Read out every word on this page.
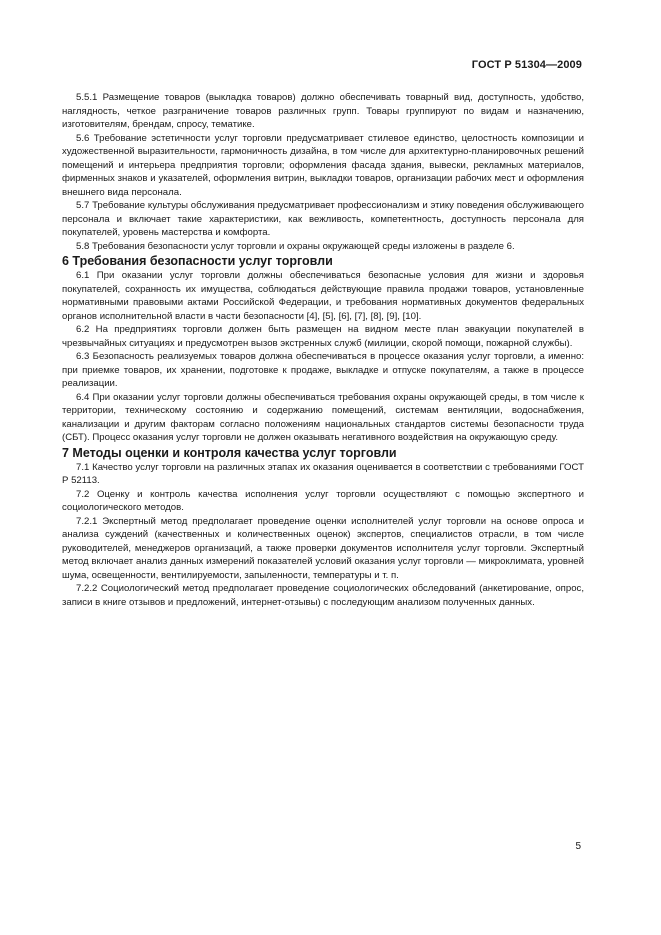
ГОСТ Р 51304—2009

5.5.1 Размещение товаров (выкладка товаров) должно обеспечивать товарный вид, доступность, удобство, наглядность, четкое разграничение товаров различных групп. Товары группируют по видам и назначению, изготовителям, брендам, спросу, тематике.

5.6 Требование эстетичности услуг торговли предусматривает стилевое единство, целостность композиции и художественной выразительности, гармоничность дизайна, в том числе для архитектурно-планировочных решений помещений и интерьера предприятия торговли; оформления фасада здания, вывески, рекламных материалов, фирменных знаков и указателей, оформления витрин, выкладки товаров, организации рабочих мест и оформления внешнего вида персонала.

5.7 Требование культуры обслуживания предусматривает профессионализм и этику поведения обслуживающего персонала и включает такие характеристики, как вежливость, компетентность, доступность персонала для покупателей, уровень мастерства и комфорта.

5.8 Требования безопасности услуг торговли и охраны окружающей среды изложены в разделе 6.

6 Требования безопасности услуг торговли

6.1 При оказании услуг торговли должны обеспечиваться безопасные условия для жизни и здоровья покупателей, сохранность их имущества, соблюдаться действующие правила продажи товаров, установленные нормативными правовыми актами Российской Федерации, и требования нормативных документов федеральных органов исполнительной власти в части безопасности [4], [5], [6], [7], [8], [9], [10].

6.2 На предприятиях торговли должен быть размещен на видном месте план эвакуации покупателей в чрезвычайных ситуациях и предусмотрен вызов экстренных служб (милиции, скорой помощи, пожарной службы).

6.3 Безопасность реализуемых товаров должна обеспечиваться в процессе оказания услуг торговли, а именно: при приемке товаров, их хранении, подготовке к продаже, выкладке и отпуске покупателям, а также в процессе реализации.

6.4 При оказании услуг торговли должны обеспечиваться требования охраны окружающей среды, в том числе к территории, техническому состоянию и содержанию помещений, системам вентиляции, водоснабжения, канализации и другим факторам согласно положениям национальных стандартов системы безопасности труда (СБТ). Процесс оказания услуг торговли не должен оказывать негативного воздействия на окружающую среду.

7 Методы оценки и контроля качества услуг торговли

7.1 Качество услуг торговли на различных этапах их оказания оценивается в соответствии с требованиями ГОСТ Р 52113.

7.2 Оценку и контроль качества исполнения услуг торговли осуществляют с помощью экспертного и социологического методов.

7.2.1 Экспертный метод предполагает проведение оценки исполнителей услуг торговли на основе опроса и анализа суждений (качественных и количественных оценок) экспертов, специалистов отрасли, в том числе руководителей, менеджеров организаций, а также проверки документов исполнителя услуг торговли. Экспертный метод включает анализ данных измерений показателей условий оказания услуг торговли — микроклимата, уровней шума, освещенности, вентилируемости, запыленности, температуры и т. п.

7.2.2 Социологический метод предполагает проведение социологических обследований (анкетирование, опрос, записи в книге отзывов и предложений, интернет-отзывы) с последующим анализом полученных данных.

5
